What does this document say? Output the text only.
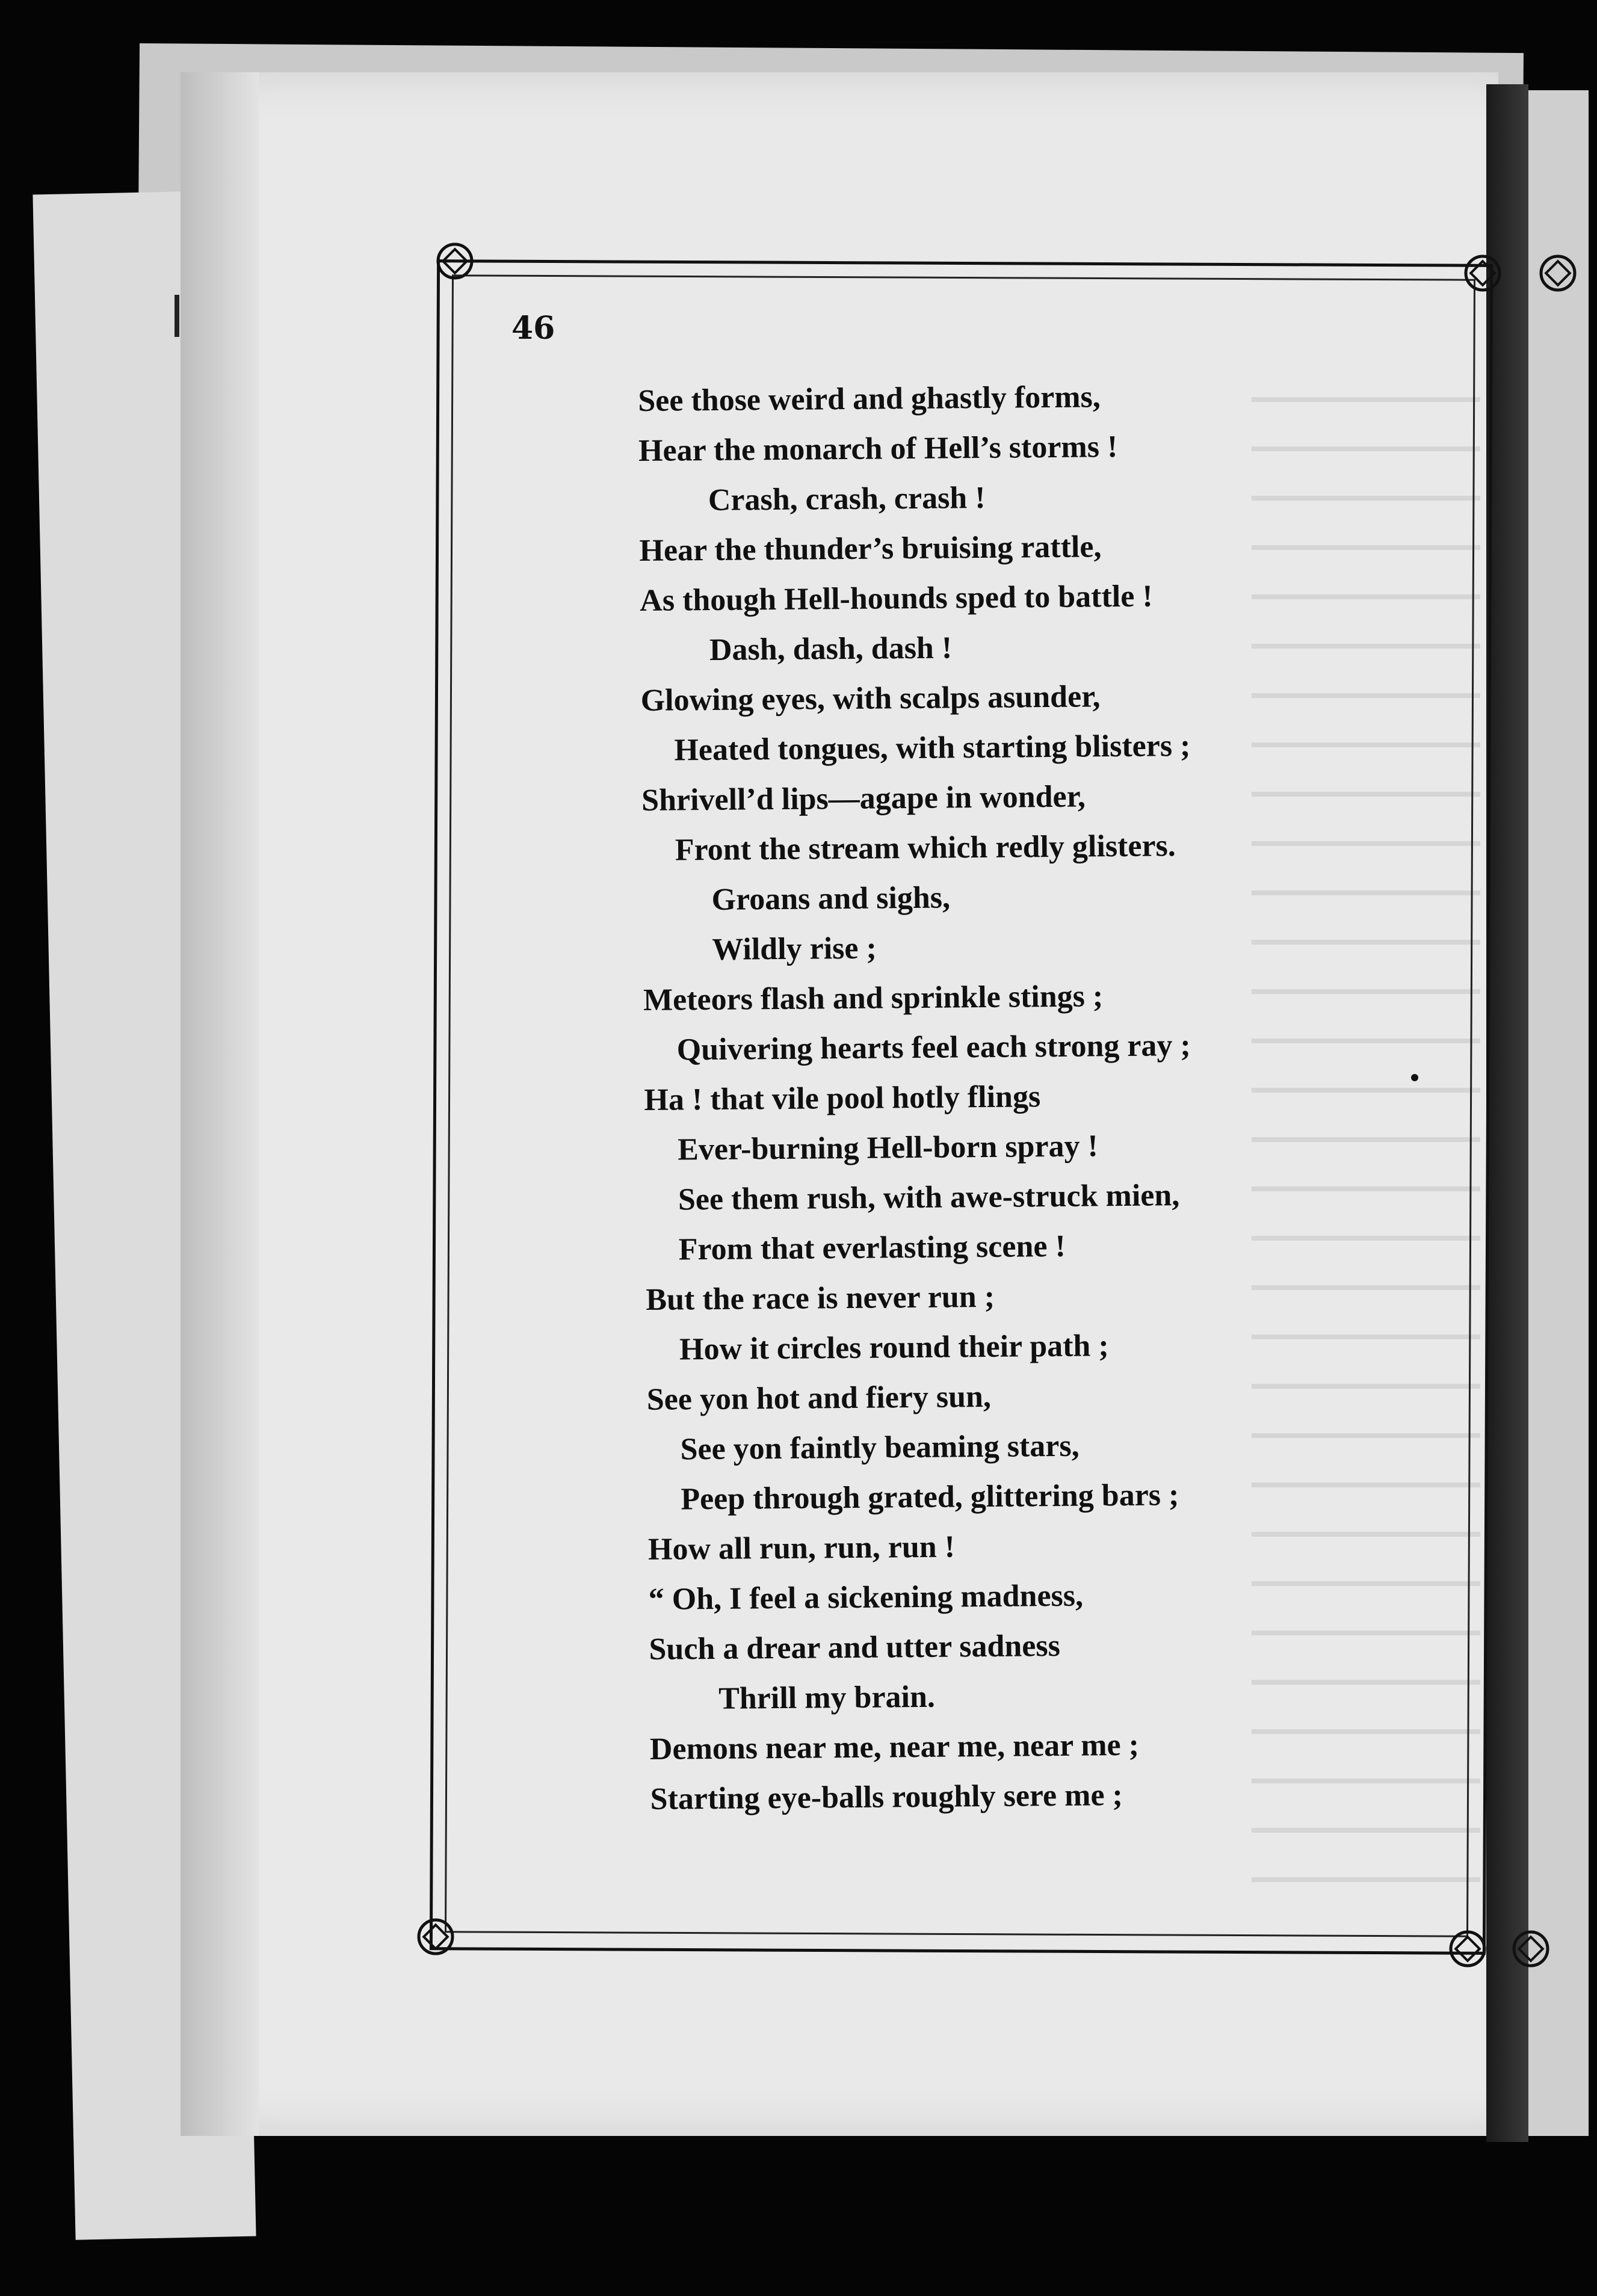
46
See those weird and ghastly forms,
Hear the monarch of Hell’s storms !
Crash, crash, crash !
Hear the thunder’s bruising rattle,
As though Hell-hounds sped to battle !
Dash, dash, dash !
Glowing eyes, with scalps asunder,
Heated tongues, with starting blisters ;
Shrivell’d lips—agape in wonder,
Front the stream which redly glisters.
Groans and sighs,
Wildly rise ;
Meteors flash and sprinkle stings ;
Quivering hearts feel each strong ray ;
Ha ! that vile pool hotly flings
Ever-burning Hell-born spray !
See them rush, with awe-struck mien,
From that everlasting scene !
But the race is never run ;
How it circles round their path ;
See yon hot and fiery sun,
See yon faintly beaming stars,
Peep through grated, glittering bars ;
How all run, run, run !
“ Oh, I feel a sickening madness,
Such a drear and utter sadness
Thrill my brain.
Demons near me, near me, near me ;
Starting eye-balls roughly sere me ;
